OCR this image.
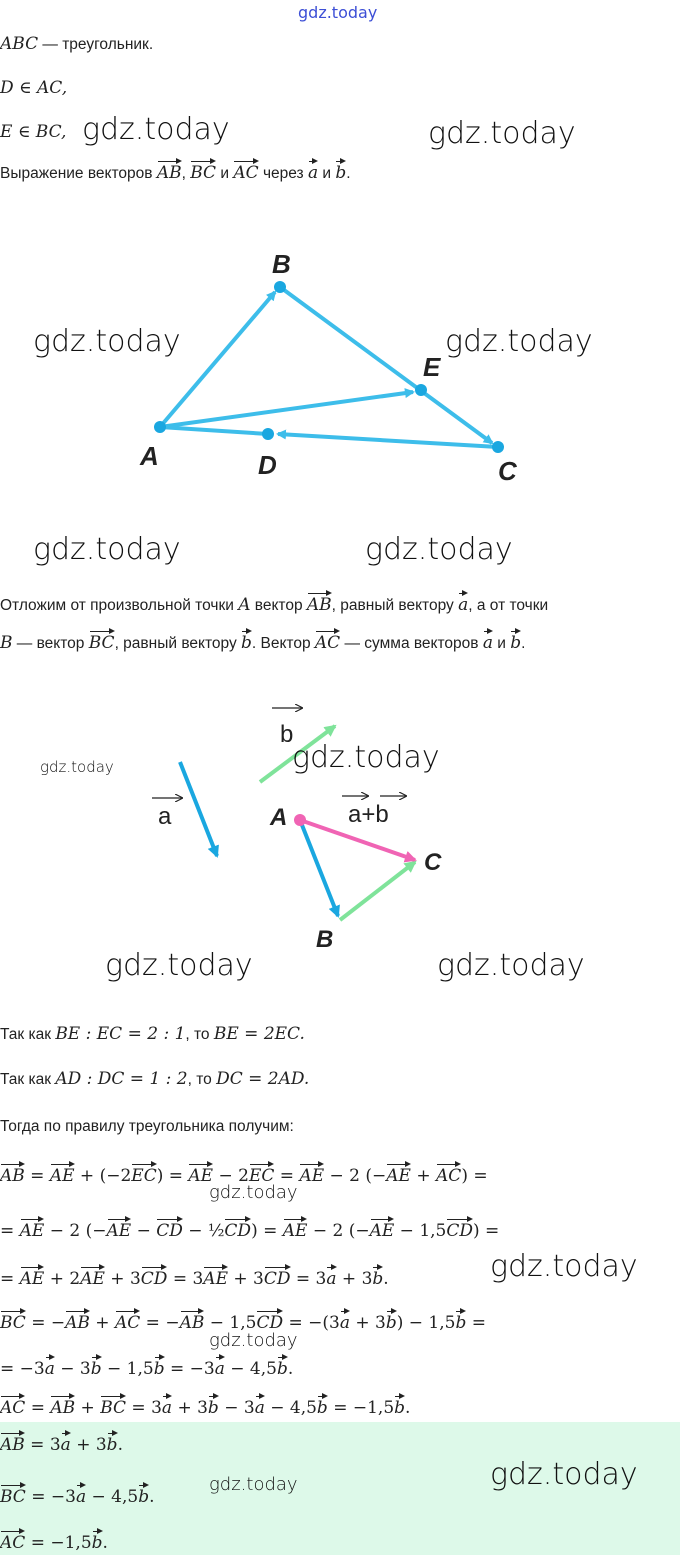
gdz.today
ABC — треугольник.
D ∈ AC,
E ∈ BC,
Выражение векторов AB, BC и AC через a и b.
A
B
C
D
E
Отложим от произвольной точки A вектор AB, равный вектору a, а от точки
B — вектор BC, равный вектору b. Вектор AC — сумма векторов a и b.
a
b
a+b
A
B
C
Так как BE : EC = 2 : 1, то BE = 2EC.
Так как AD : DC = 1 : 2, то DC = 2AD.
Тогда по правилу треугольника получим:
AB = AE + (−2EC) = AE − 2EC = AE − 2 (−AE + AC) =
= AE − 2 (−AE − CD − ½CD) = AE − 2 (−AE − 1,5CD) =
= AE + 2AE + 3CD = 3AE + 3CD = 3a + 3b.
BC = −AB + AC = −AB − 1,5CD = −(3a + 3b) − 1,5b =
= −3a − 3b − 1,5b = −3a − 4,5b.
AC = AB + BC = 3a + 3b − 3a − 4,5b = −1,5b.
AB = 3a + 3b.
BC = −3a − 4,5b.
AC = −1,5b.
gdz.today	gdz.today
gdz.today	gdz.today
gdz.today	gdz.today
gdz.today	gdz.today
gdz.today	gdz.today
gdz.today
gdz.today
gdz.today
gdz.today	gdz.today
